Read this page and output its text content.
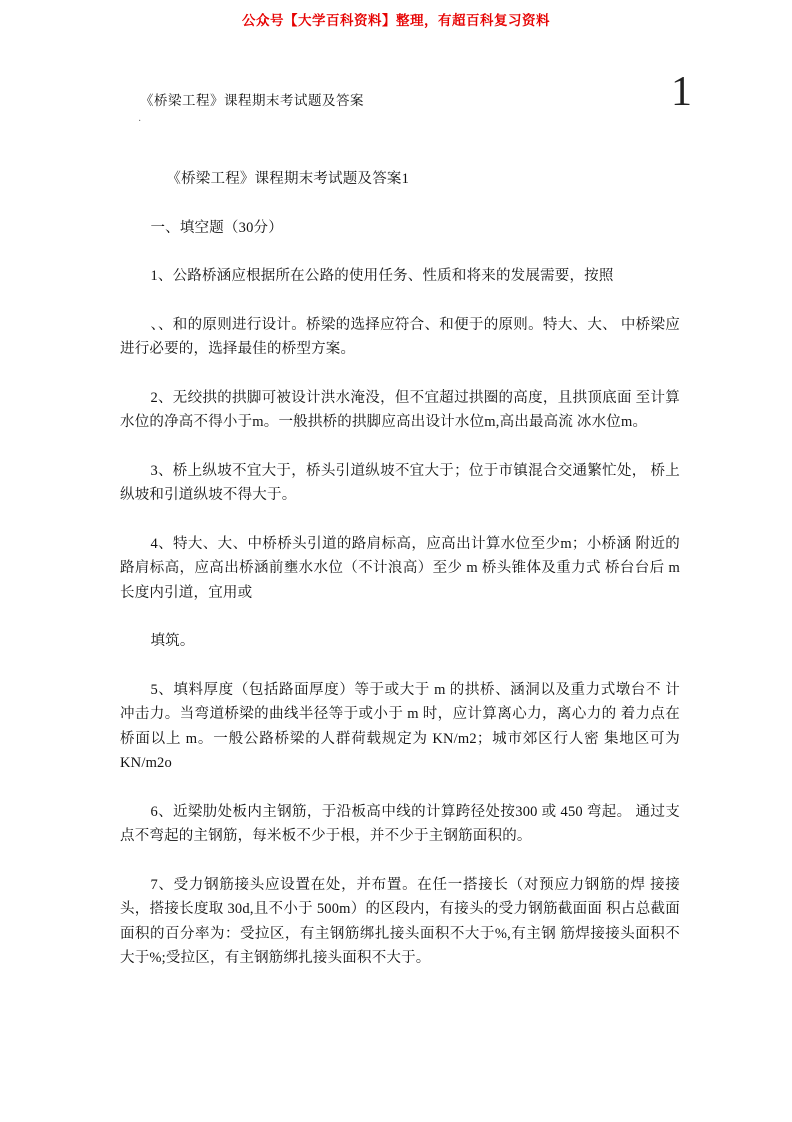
公众号【大学百科资料】整理，有超百科复习资料
《桥梁工程》课程期末考试题及答案	1
·

《桥梁工程》课程期末考试题及答案1

一、填空题（30分）

1、公路桥涵应根据所在公路的使用任务、性质和将来的发展需要，按照

、、和的原则进行设计。桥梁的选择应符合、和便于的原则。特大、大、 中桥梁应进行必要的，选择最佳的桥型方案。

2、无绞拱的拱脚可被设计洪水淹没，但不宜超过拱圈的高度，且拱顶底面 至计算水位的净高不得小于m。一般拱桥的拱脚应高出设计水位m,高出最高流 冰水位m。

3、桥上纵坡不宜大于，桥头引道纵坡不宜大于；位于市镇混合交通繁忙处， 桥上纵坡和引道纵坡不得大于。

4、特大、大、中桥桥头引道的路肩标高，应高出计算水位至少m；小桥涵 附近的路肩标高，应高出桥涵前壅水水位（不计浪高）至少 m 桥头锥体及重力式 桥台台后 m长度内引道，宜用或

填筑。

5、填料厚度（包括路面厚度）等于或大于 m 的拱桥、涵洞以及重力式墩台不 计冲击力。当弯道桥梁的曲线半径等于或小于 m 时，应计算离心力，离心力的 着力点在桥面以上 m。一般公路桥梁的人群荷载规定为 KN/m2；城市郊区行人密 集地区可为KN/m2o

6、近梁肋处板内主钢筋，于沿板高中线的计算跨径处按300 或 450 弯起。 通过支点不弯起的主钢筋，每米板不少于根，并不少于主钢筋面积的。

7、受力钢筋接头应设置在处，并布置。在任一搭接长（对预应力钢筋的焊 接接头，搭接长度取 30d,且不小于 500m）的区段内，有接头的受力钢筋截面面 积占总截面面积的百分率为：受拉区，有主钢筋绑扎接头面积不大于%,有主钢 筋焊接接头面积不大于%;受拉区，有主钢筋绑扎接头面积不大于。
